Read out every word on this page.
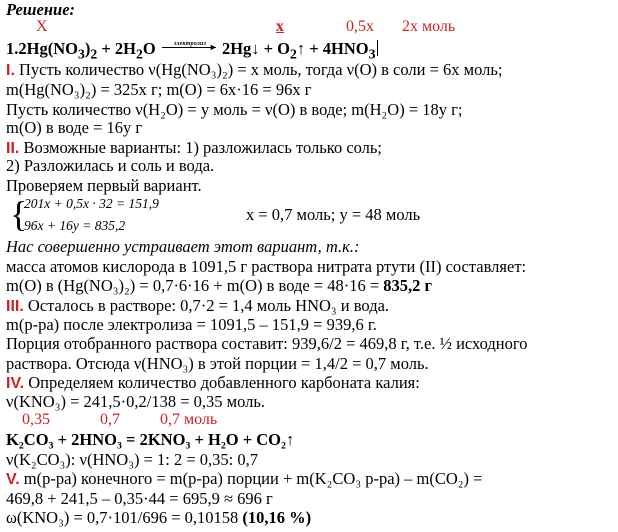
Решение:
X	x	0,5x 2x моль
$1.2Hg(NO_3)_2 + 2H_2O$ электролиз ► 2Hg↓ + $O_2↑ + 4HNO_3$
I. Пусть количество ν(Hg(NO₃)₂) = х моль, тогда ν(О) в соли = 6х моль;
m(Hg(NO₃)₂) = 325х г; m(O) = 6х·16 = 96х г
Пусть количество ν(H₂O) = у моль = ν(О) в воде; m(H₂O) = 18у г;
m(O) в воде = 16у г
II. Возможные варианты: 1) разложилась только соль;
2) Разложилась и соль и вода.
Проверяем первый вариант.
{
201x + 0,5x · 32 = 151,9
96x + 16y = 835,2
x = 0,7 моль; y = 48 моль
Нас совершенно устраивает этот вариант, т.к.:
масса атомов кислорода в 1091,5 г раствора нитрата ртути (II) составляет:
m(O) в (Hg(NO₃)₂) = 0,7·6·16 + m(O) в воде = 48·16 = 835,2 г
III. Осталось в растворе: 0,7·2 = 1,4 моль HNO₃ и вода.
m(р-ра) после электролиза = 1091,5 – 151,9 = 939,6 г.
Порция отобранного раствора составит: 939,6/2 = 469,8 г, т.е. ½ исходного
раствора. Отсюда ν(HNO₃) в этой порции = 1,4/2 = 0,7 моль.
IV. Определяем количество добавленного карбоната калия:
ν(KNO₃) = 241,5·0,2/138 = 0,35 моль.
0,35	0,7	0,7 моль
K₂CO₃ + 2HNO₃ = 2KNO₃ + H₂O + CO₂↑
ν(K₂CO₃): ν(HNO₃) = 1: 2 = 0,35: 0,7
V. m(р-ра) конечного = m(р-ра) порции + m(K₂CO₃ р-ра) – m(CO₂) =
469,8 + 241,5 – 0,35·44 = 695,9 ≈ 696 г
ω(KNO₃) = 0,7·101/696 = 0,10158 (10,16 %)
